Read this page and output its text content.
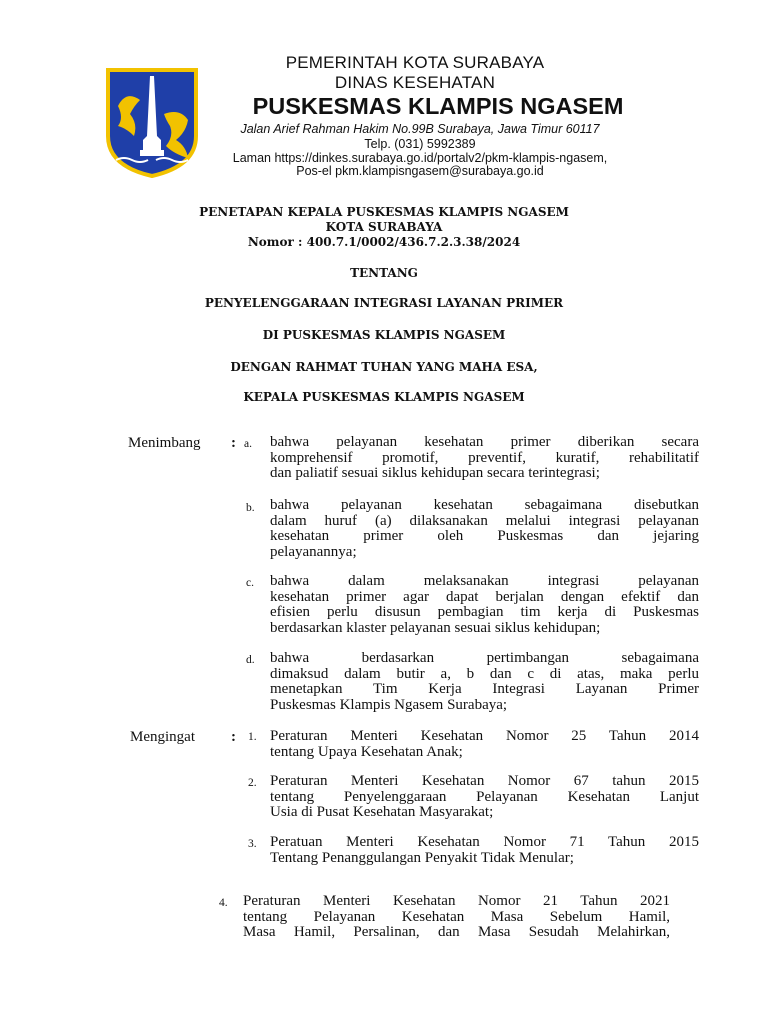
PEMERINTAH KOTA SURABAYA
DINAS KESEHATAN
PUSKESMAS KLAMPIS NGASEM
Jalan Arief Rahman Hakim No.99B Surabaya, Jawa Timur 60117
Telp. (031) 5992389
Laman https://dinkes.surabaya.go.id/portalv2/pkm-klampis-ngasem,
Pos-el pkm.klampisngasem@surabaya.go.id
PENETAPAN KEPALA PUSKESMAS KLAMPIS NGASEM
KOTA SURABAYA
Nomor : 400.7.1/0002/436.7.2.3.38/2024
TENTANG
PENYELENGGARAAN INTEGRASI LAYANAN PRIMER
DI PUSKESMAS KLAMPIS NGASEM
DENGAN RAHMAT TUHAN YANG MAHA ESA,
KEPALA PUSKESMAS KLAMPIS NGASEM
Menimbang : a. bahwa pelayanan kesehatan primer diberikan secara
komprehensif promotif, preventif, kuratif, rehabilitatif
dan paliatif sesuai siklus kehidupan secara terintegrasi;
b. bahwa pelayanan kesehatan sebagaimana disebutkan
dalam huruf (a) dilaksanakan melalui integrasi pelayanan
kesehatan primer oleh Puskesmas dan jejaring
pelayanannya;
c. bahwa dalam melaksanakan integrasi pelayanan
kesehatan primer agar dapat berjalan dengan efektif dan
efisien perlu disusun pembagian tim kerja di Puskesmas
berdasarkan klaster pelayanan sesuai siklus kehidupan;
d. bahwa berdasarkan pertimbangan sebagaimana
dimaksud dalam butir a, b dan c di atas, maka perlu
menetapkan Tim Kerja Integrasi Layanan Primer
Puskesmas Klampis Ngasem Surabaya;
Mengingat : 1. Peraturan Menteri Kesehatan Nomor 25 Tahun 2014
tentang Upaya Kesehatan Anak;
2. Peraturan Menteri Kesehatan Nomor 67 tahun 2015
tentang Penyelenggaraan Pelayanan Kesehatan Lanjut
Usia di Pusat Kesehatan Masyarakat;
3. Peratuan Menteri Kesehatan Nomor 71 Tahun 2015
Tentang Penanggulangan Penyakit Tidak Menular;
4. Peraturan Menteri Kesehatan Nomor 21 Tahun 2021
tentang Pelayanan Kesehatan Masa Sebelum Hamil,
Masa Hamil, Persalinan, dan Masa Sesudah Melahirkan,
